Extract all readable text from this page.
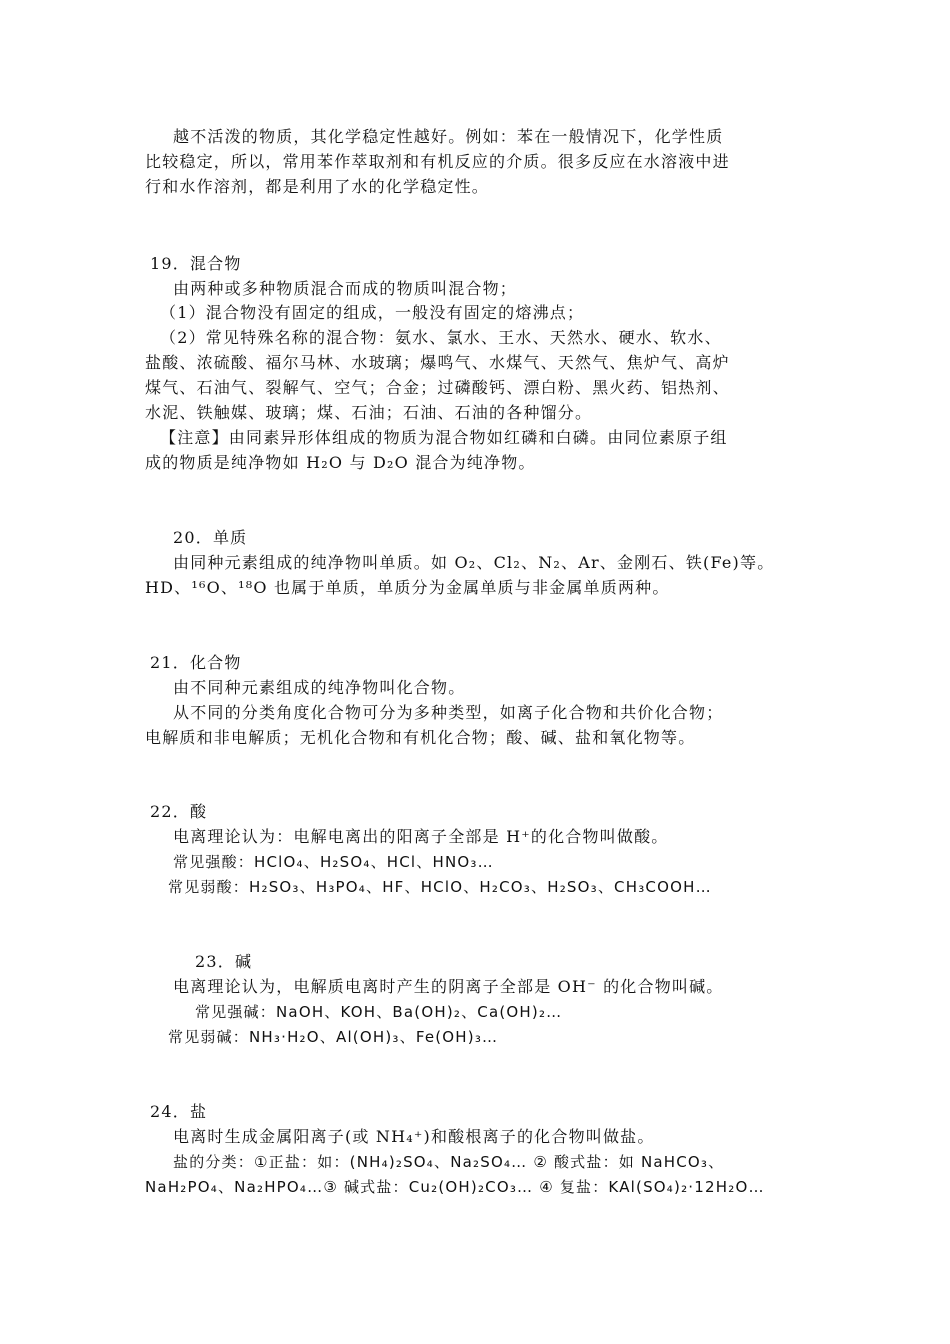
越不活泼的物质，其化学稳定性越好。例如：苯在一般情况下，化学性质
比较稳定，所以，常用苯作萃取剂和有机反应的介质。很多反应在水溶液中进
行和水作溶剂，都是利用了水的化学稳定性。
19．混合物
由两种或多种物质混合而成的物质叫混合物；
（1）混合物没有固定的组成，一般没有固定的熔沸点；
（2）常见特殊名称的混合物：氨水、氯水、王水、天然水、硬水、软水、
盐酸、浓硫酸、福尔马林、水玻璃；爆鸣气、水煤气、天然气、焦炉气、高炉
煤气、石油气、裂解气、空气；合金；过磷酸钙、漂白粉、黑火药、铝热剂、
水泥、铁触媒、玻璃；煤、石油；石油、石油的各种馏分。
【注意】由同素异形体组成的物质为混合物如红磷和白磷。由同位素原子组
成的物质是纯净物如 H₂O 与 D₂O 混合为纯净物。
20．单质
由同种元素组成的纯净物叫单质。如 O₂、Cl₂、N₂、Ar、金刚石、铁(Fe)等。
HD、¹⁶O、¹⁸O 也属于单质，单质分为金属单质与非金属单质两种。
21．化合物
由不同种元素组成的纯净物叫化合物。
从不同的分类角度化合物可分为多种类型，如离子化合物和共价化合物；
电解质和非电解质；无机化合物和有机化合物；酸、碱、盐和氧化物等。
22．酸
电离理论认为：电解电离出的阳离子全部是 H⁺的化合物叫做酸。
常见强酸：HClO₄、H₂SO₄、HCl、HNO₃…
常见弱酸：H₂SO₃、H₃PO₄、HF、HClO、H₂CO₃、H₂SO₃、CH₃COOH…
23．碱
电离理论认为，电解质电离时产生的阴离子全部是 OH⁻ 的化合物叫碱。
常见强碱：NaOH、KOH、Ba(OH)₂、Ca(OH)₂…
常见弱碱：NH₃·H₂O、Al(OH)₃、Fe(OH)₃…
24．盐
电离时生成金属阳离子(或 NH₄⁺)和酸根离子的化合物叫做盐。
盐的分类：①正盐：如：(NH₄)₂SO₄、Na₂SO₄… ② 酸式盐：如 NaHCO₃、
NaH₂PO₄、Na₂HPO₄…③ 碱式盐：Cu₂(OH)₂CO₃… ④ 复盐：KAl(SO₄)₂·12H₂O…
